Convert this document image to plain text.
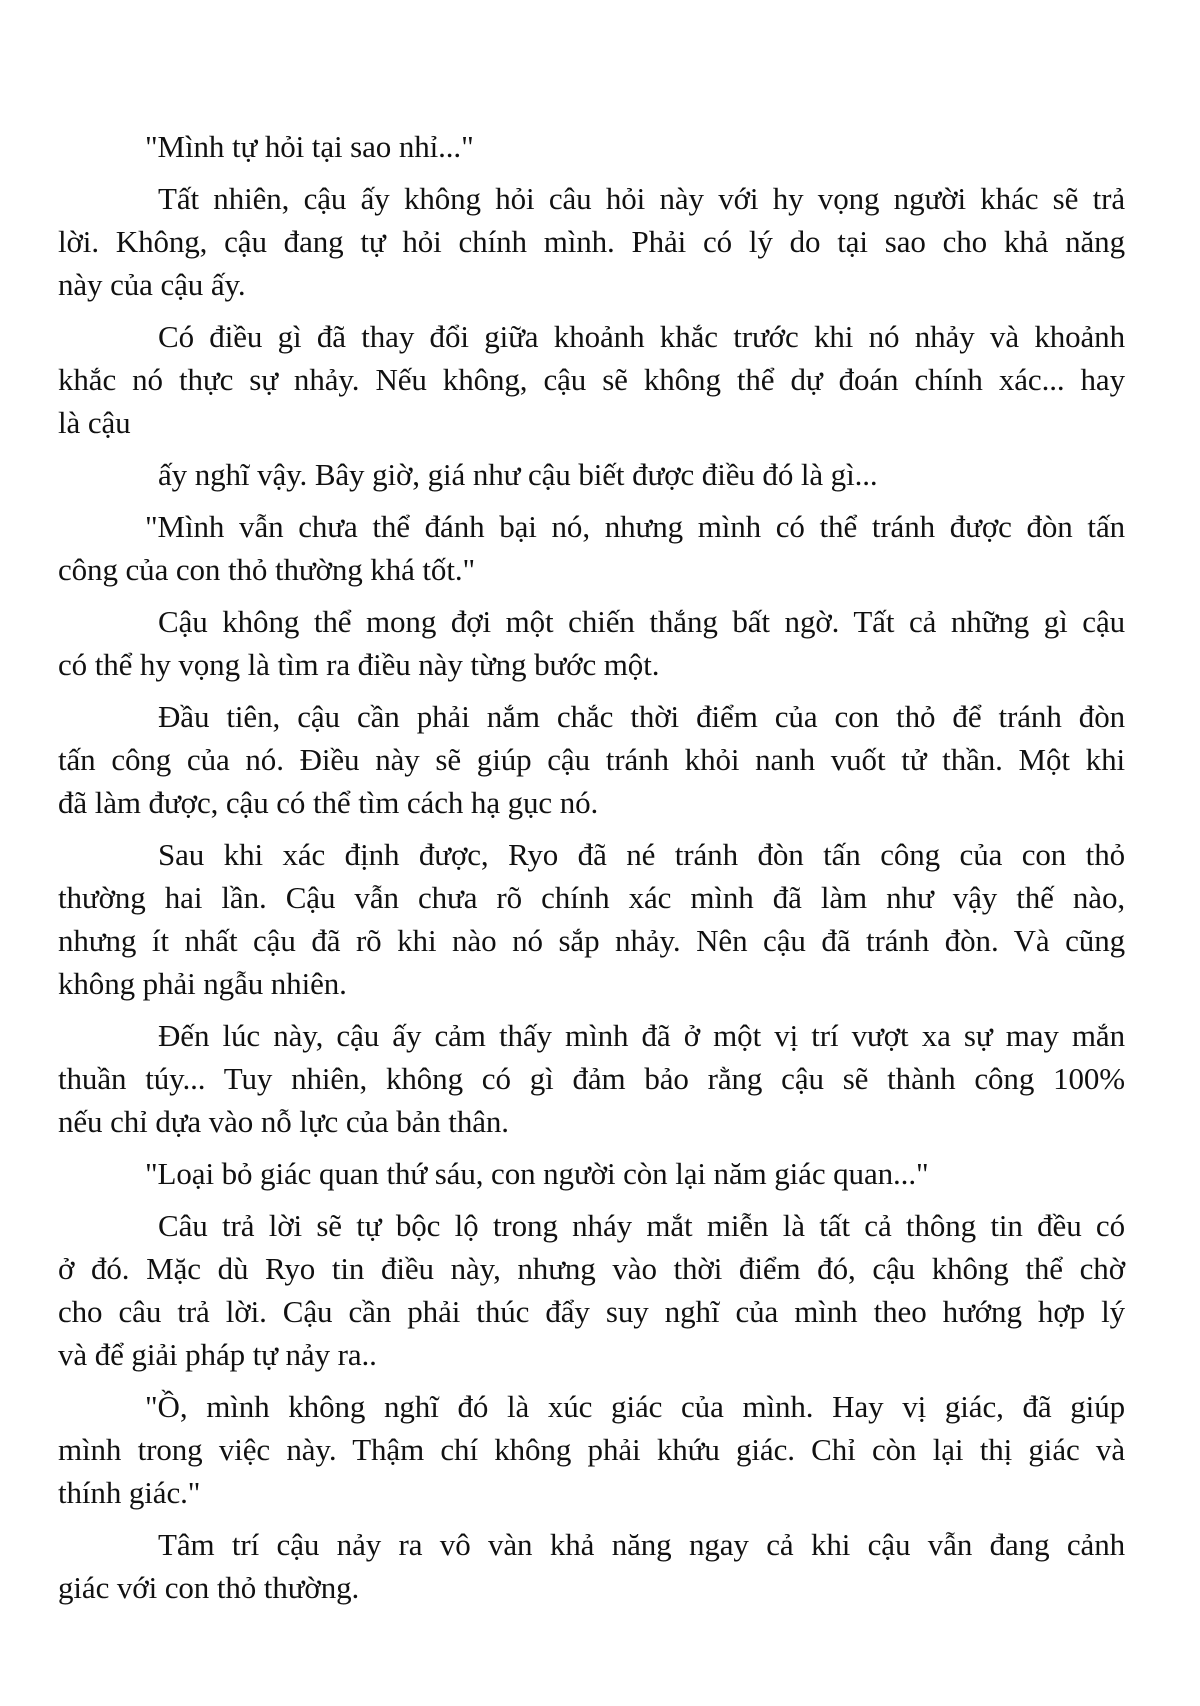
"Mình tự hỏi tại sao nhỉ..."

Tất nhiên, cậu ấy không hỏi câu hỏi này với hy vọng người khác sẽ trả
lời. Không, cậu đang tự hỏi chính mình. Phải có lý do tại sao cho khả năng
này của cậu ấy.

Có điều gì đã thay đổi giữa khoảnh khắc trước khi nó nhảy và khoảnh
khắc nó thực sự nhảy. Nếu không, cậu sẽ không thể dự đoán chính xác... hay
là cậu

ấy nghĩ vậy. Bây giờ, giá như cậu biết được điều đó là gì...

"Mình vẫn chưa thể đánh bại nó, nhưng mình có thể tránh được đòn tấn
công của con thỏ thường khá tốt."

Cậu không thể mong đợi một chiến thắng bất ngờ. Tất cả những gì cậu
có thể hy vọng là tìm ra điều này từng bước một.

Đầu tiên, cậu cần phải nắm chắc thời điểm của con thỏ để tránh đòn
tấn công của nó. Điều này sẽ giúp cậu tránh khỏi nanh vuốt tử thần. Một khi
đã làm được, cậu có thể tìm cách hạ gục nó.

Sau khi xác định được, Ryo đã né tránh đòn tấn công của con thỏ
thường hai lần. Cậu vẫn chưa rõ chính xác mình đã làm như vậy thế nào,
nhưng ít nhất cậu đã rõ khi nào nó sắp nhảy. Nên cậu đã tránh đòn. Và cũng
không phải ngẫu nhiên.

Đến lúc này, cậu ấy cảm thấy mình đã ở một vị trí vượt xa sự may mắn
thuần túy... Tuy nhiên, không có gì đảm bảo rằng cậu sẽ thành công 100%
nếu chỉ dựa vào nỗ lực của bản thân.

"Loại bỏ giác quan thứ sáu, con người còn lại năm giác quan..."

Câu trả lời sẽ tự bộc lộ trong nháy mắt miễn là tất cả thông tin đều có
ở đó. Mặc dù Ryo tin điều này, nhưng vào thời điểm đó, cậu không thể chờ
cho câu trả lời. Cậu cần phải thúc đẩy suy nghĩ của mình theo hướng hợp lý
và để giải pháp tự nảy ra..

"Ồ, mình không nghĩ đó là xúc giác của mình. Hay vị giác, đã giúp
mình trong việc này. Thậm chí không phải khứu giác. Chỉ còn lại thị giác và
thính giác."

Tâm trí cậu nảy ra vô vàn khả năng ngay cả khi cậu vẫn đang cảnh
giác với con thỏ thường.
